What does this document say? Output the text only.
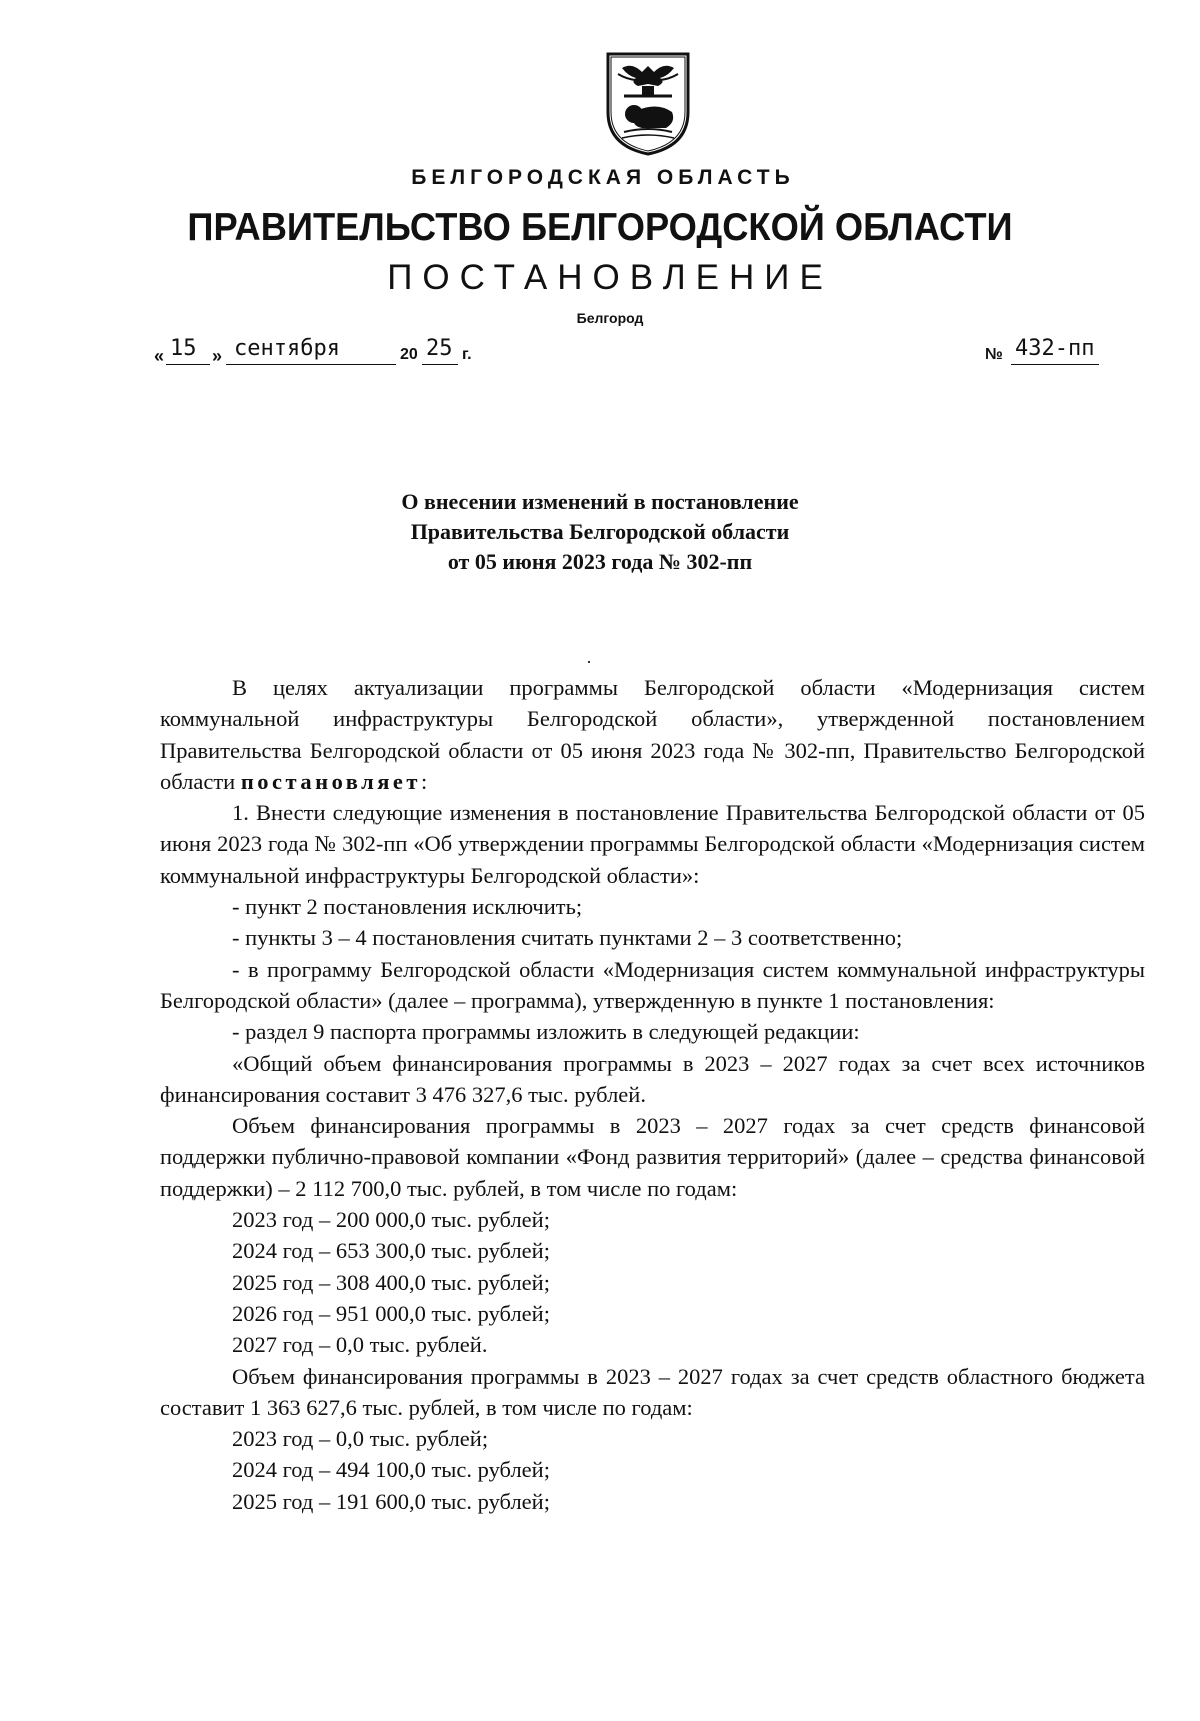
БЕЛГОРОДСКАЯ ОБЛАСТЬ
ПРАВИТЕЛЬСТВО БЕЛГОРОДСКОЙ ОБЛАСТИ
ПОСТАНОВЛЕНИЕ
Белгород
« 15 » сентября	20 25 г.	№ 432-пп
О внесении изменений в постановление
Правительства Белгородской области
от 05 июня 2023 года № 302-пп

В целях актуализации программы Белгородской области «Модернизация систем коммунальной инфраструктуры Белгородской области», утвержденной постановлением Правительства Белгородской области от 05 июня 2023 года № 302-пп, Правительство Белгородской области постановляет:

1. Внести следующие изменения в постановление Правительства Белгородской области от 05 июня 2023 года № 302-пп «Об утверждении программы Белгородской области «Модернизация систем коммунальной инфраструктуры Белгородской области»:

- пункт 2 постановления исключить;

- пункты 3 – 4 постановления считать пунктами 2 – 3 соответственно;

- в программу Белгородской области «Модернизация систем коммунальной инфраструктуры Белгородской области» (далее – программа), утвержденную в пункте 1 постановления:

- раздел 9 паспорта программы изложить в следующей редакции:

«Общий объем финансирования программы в 2023 – 2027 годах за счет всех источников финансирования составит 3 476 327,6 тыс. рублей.

Объем финансирования программы в 2023 – 2027 годах за счет средств финансовой поддержки публично-правовой компании «Фонд развития территорий» (далее – средства финансовой поддержки) – 2 112 700,0 тыс. рублей, в том числе по годам:

2023 год – 200 000,0 тыс. рублей;

2024 год – 653 300,0 тыс. рублей;

2025 год – 308 400,0 тыс. рублей;

2026 год – 951 000,0 тыс. рублей;

2027 год – 0,0 тыс. рублей.

Объем финансирования программы в 2023 – 2027 годах за счет средств областного бюджета составит 1 363 627,6 тыс. рублей, в том числе по годам:

2023 год – 0,0 тыс. рублей;

2024 год – 494 100,0 тыс. рублей;

2025 год – 191 600,0 тыс. рублей;
